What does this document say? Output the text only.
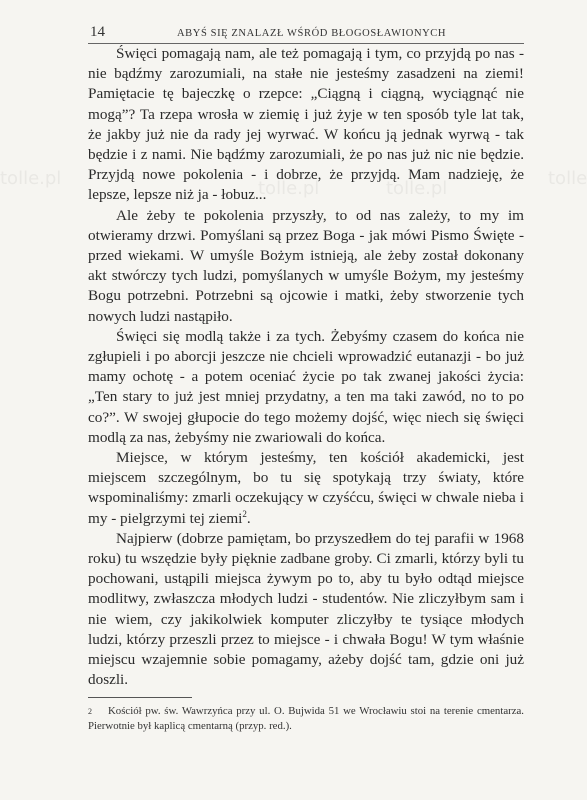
tolle.pl	tolle.pl	tolle.pl	tolle
14	ABYŚ SIĘ ZNALAZŁ WŚRÓD BŁOGOSŁAWIONYCH

Święci pomagają nam, ale też pomagają i tym, co przyjdą po nas - nie bądźmy zarozumiali, na stałe nie jesteśmy zasadzeni na ziemi! Pamiętacie tę bajeczkę o rzepce: „Ciągną i ciągną, wyciągnąć nie mogą”? Ta rzepa wrosła w ziemię i już żyje w ten sposób tyle lat tak, że jakby już nie da rady jej wyrwać. W końcu ją jednak wyrwą - tak będzie i z nami. Nie bądźmy zarozumiali, że po nas już nic nie będzie. Przyjdą nowe pokolenia - i dobrze, że przyjdą. Mam nadzieję, że lepsze, lepsze niż ja - łobuz...

Ale żeby te pokolenia przyszły, to od nas zależy, to my im otwieramy drzwi. Pomyślani są przez Boga - jak mówi Pismo Święte - przed wiekami. W umyśle Bożym istnieją, ale żeby został dokonany akt stwórczy tych ludzi, pomyślanych w umyśle Bożym, my jesteśmy Bogu potrzebni. Potrzebni są ojcowie i matki, żeby stworzenie tych nowych ludzi nastąpiło.

Święci się modlą także i za tych. Żebyśmy czasem do końca nie zgłupieli i po aborcji jeszcze nie chcieli wprowadzić eutanazji - bo już mamy ochotę - a potem oceniać życie po tak zwanej jakości życia: „Ten stary to już jest mniej przydatny, a ten ma taki zawód, no to po co?”. W swojej głupocie do tego możemy dojść, więc niech się święci modlą za nas, żebyśmy nie zwariowali do końca.

Miejsce, w którym jesteśmy, ten kościół akademicki, jest miejscem szczególnym, bo tu się spotykają trzy światy, które wspominaliśmy: zmarli oczekujący w czyśćcu, święci w chwale nieba i my - pielgrzymi tej ziemi$^2$.

Najpierw (dobrze pamiętam, bo przyszedłem do tej parafii w 1968 roku) tu wszędzie były pięknie zadbane groby. Ci zmarli, którzy byli tu pochowani, ustąpili miejsca żywym po to, aby tu było odtąd miejsce modlitwy, zwłaszcza młodych ludzi - studentów. Nie zliczyłbym sam i nie wiem, czy jakikolwiek komputer zliczyłby te tysiące młodych ludzi, którzy przeszli przez to miejsce - i chwała Bogu! W tym właśnie miejscu wzajemnie sobie pomagamy, ażeby dojść tam, gdzie oni już doszli.

2 Kościół pw. św. Wawrzyńca przy ul. O. Bujwida 51 we Wrocławiu stoi na terenie cmentarza. Pierwotnie był kaplicą cmentarną (przyp. red.).
